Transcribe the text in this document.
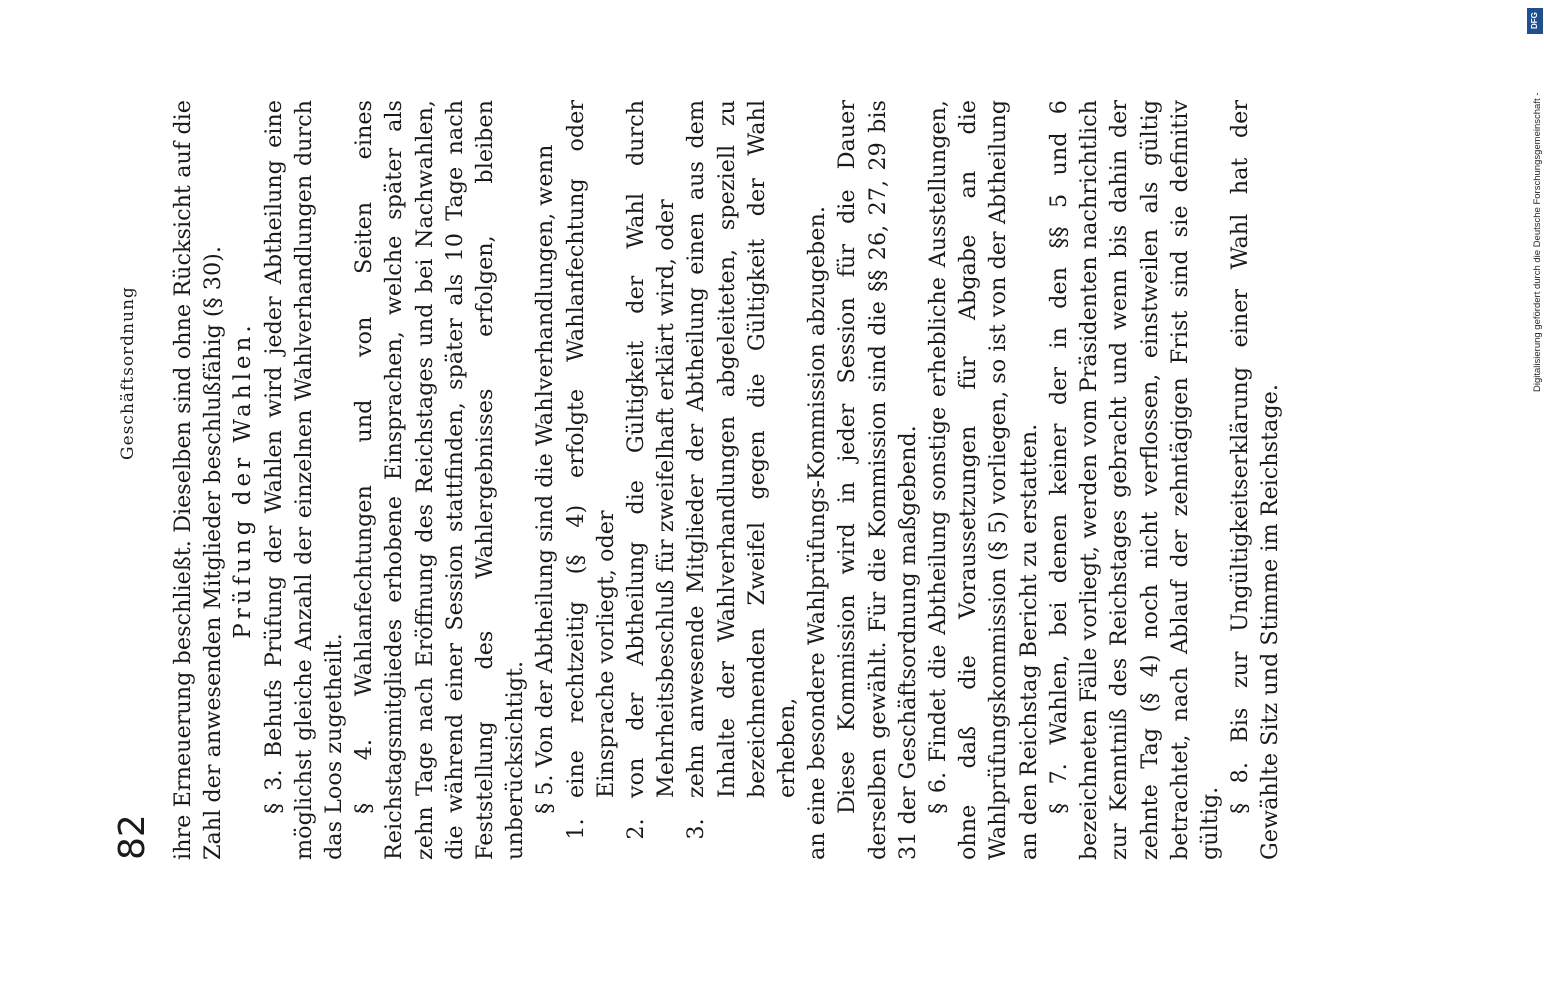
82
Geschäftsordnung ihre Erneuerung beschließt. Dieselben sind ohne Rücksicht auf die Zahl der anwesenden Mitglieder beschlußfähig (§ 30). Prüfung der Wahlen. § 3. Behufs Prüfung der Wahlen wird jeder Abtheilung eine möglichst gleiche Anzahl der einzelnen Wahlverhandlungen durch das Loos zugetheilt. § 4. Wahlanfechtungen und von Seiten eines Reichstagsmitgliedes erhobene Einsprachen, welche später als zehn Tage nach Eröffnung des Reichstages und bei Nachwahlen, die während einer Session stattfinden, später als 10 Tage nach Feststellung des Wahlergebnisses erfolgen, bleiben unberücksichtigt. § 5. Von der Abtheilung sind die Wahlverhandlungen, wenn

1.
eine rechtzeitig (§ 4) erfolgte Wahlanfechtung oder Einsprache vorliegt, oder
2.
von der Abtheilung die Gültigkeit der Wahl durch Mehrheitsbeschluß für zweifelhaft erklärt wird, oder
3.
zehn anwesende Mitglieder der Abtheilung einen aus dem Inhalte der Wahlverhandlungen abgeleiteten, speziell zu bezeichnenden Zweifel gegen die Gültigkeit der Wahl erheben, an eine besondere Wahlprüfungs-Kommission abzugeben. Diese Kommission wird in jeder Session für die Dauer derselben gewählt. Für die Kommission sind die §§ 26, 27, 29 bis 31 der Geschäftsordnung maßgebend. § 6. Findet die Abtheilung sonstige erhebliche Ausstellungen, ohne daß die Voraussetzungen für Abgabe an die Wahlprüfungskommission (§ 5) vorliegen, so ist von der Abtheilung an den Reichstag Bericht zu erstatten. § 7. Wahlen, bei denen keiner der in den §§ 5 und 6 bezeichneten Fälle vorliegt, werden vom Präsidenten nachrichtlich zur Kenntniß des Reichstages gebracht und wenn bis dahin der zehnte Tag (§ 4) noch nicht verflossen, einstweilen als gültig betrachtet, nach Ablauf der zehntägigen Frist sind sie definitiv gültig.

§ 8. Bis zur Ungültigkeitserklärung einer Wahl hat der Gewählte Sitz und Stimme im Reichstage.

DFG
Digitalisierung gefördert durch die Deutsche Forschungsgemeinschaft -
